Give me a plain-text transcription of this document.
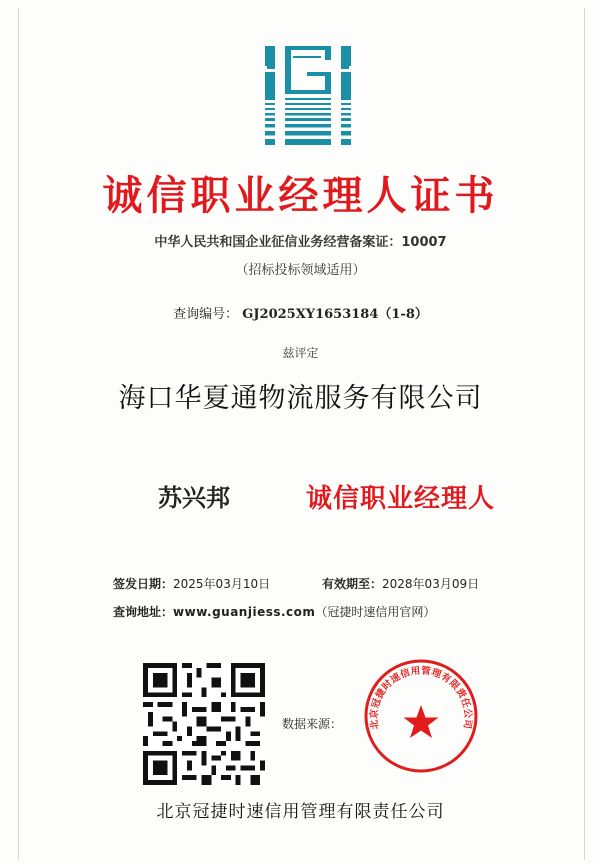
诚信职业经理人证书
中华人民共和国企业征信业务经营备案证：10007
（招标投标领域适用）
查询编号： GJ2025XY1653184（1-8）
兹评定
海口华夏通物流服务有限公司
苏兴邦	诚信职业经理人
签发日期：2025年03月10日	有效期至：2028年03月09日
查询地址：www.guanjiess.com（冠捷时速信用官网）
数据来源：	北京冠捷时速信用管理有限责任公司
北京冠捷时速信用管理有限责任公司
